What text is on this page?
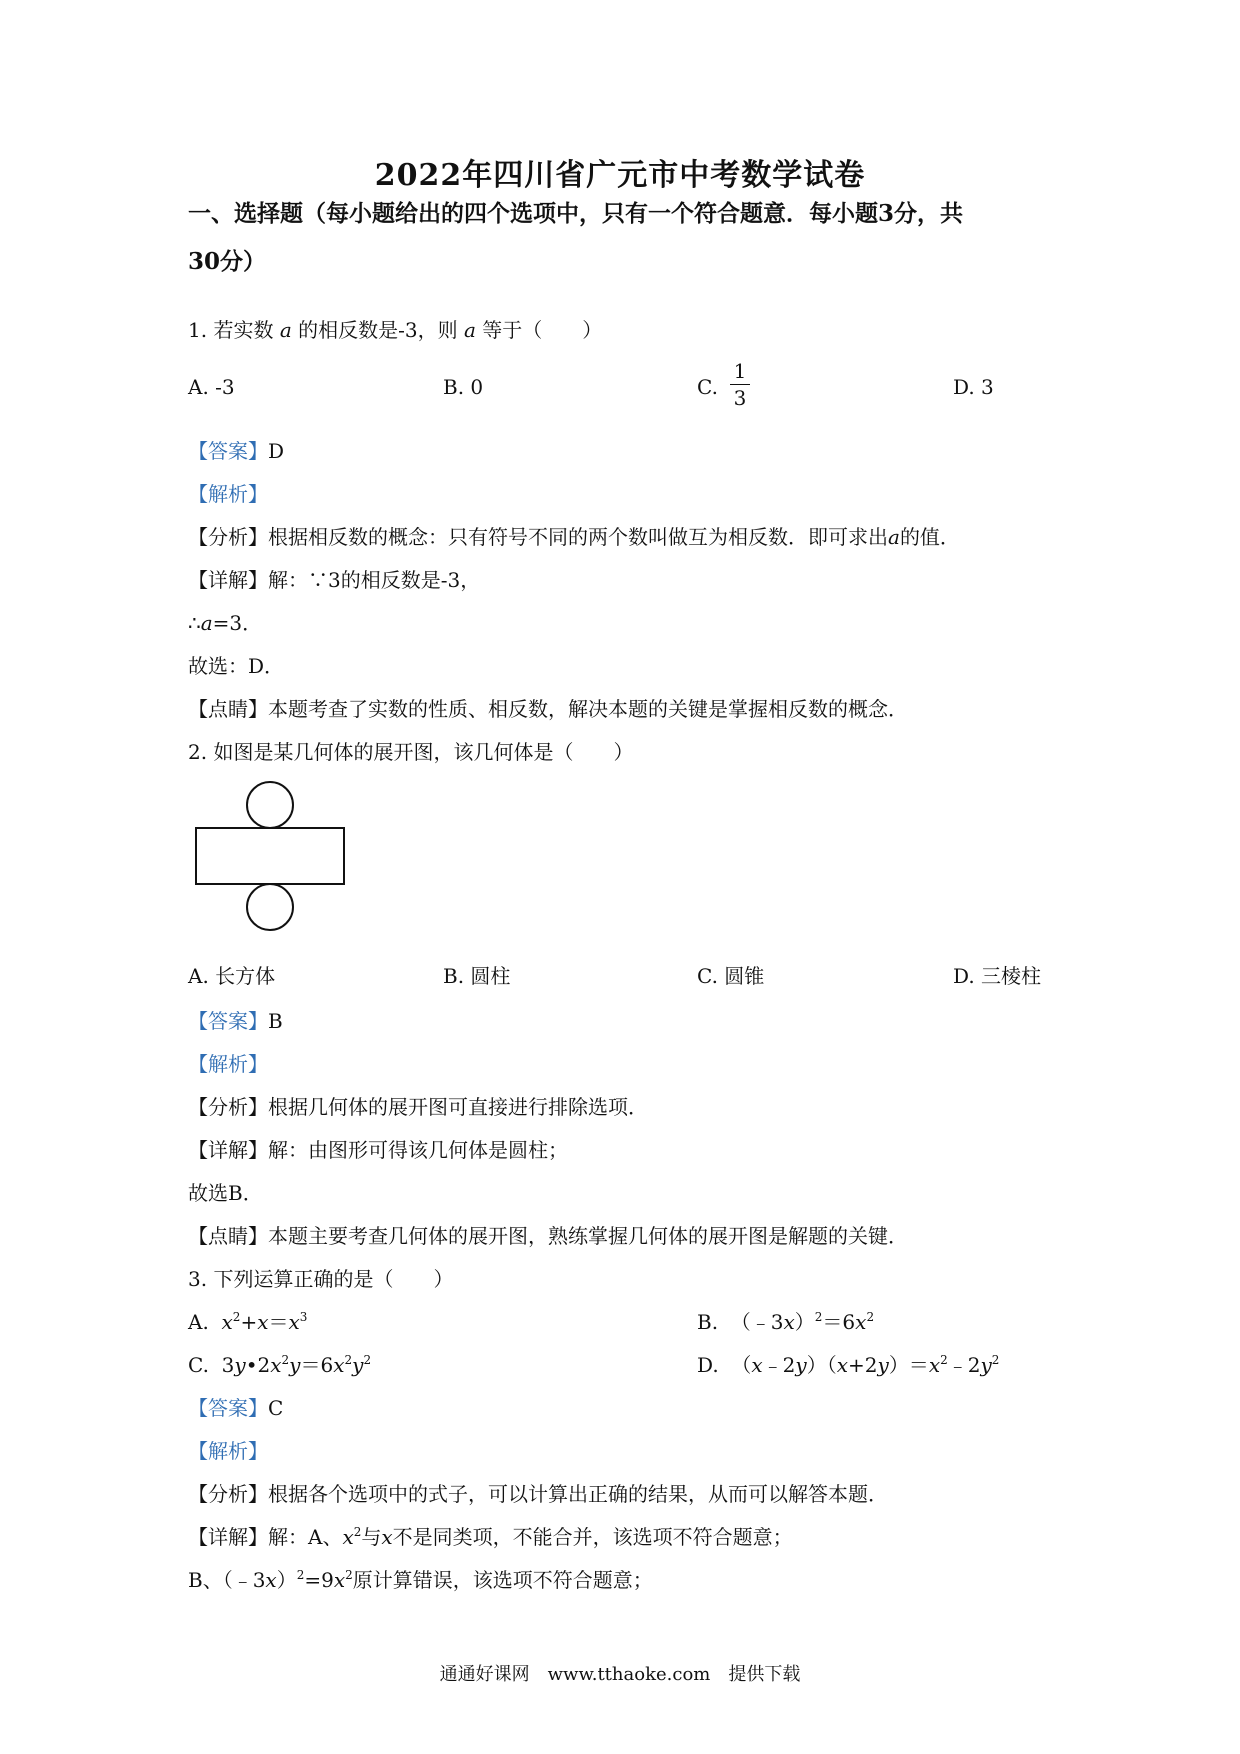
2022年四川省广元市中考数学试卷
一、选择题（每小题给出的四个选项中，只有一个符合题意．每小题3分，共
30分）
1. 若实数 a 的相反数是-3，则 a 等于（　　）
A. -3	B. 0	C. $\frac{1}{3}$	D. 3
【答案】D
【解析】
【分析】根据相反数的概念：只有符号不同的两个数叫做互为相反数．即可求出a的值．
【详解】解：∵3的相反数是-3，
∴a=3．
故选：D．
【点睛】本题考查了实数的性质、相反数，解决本题的关键是掌握相反数的概念．
2. 如图是某几何体的展开图，该几何体是（　　）
A. 长方体	B. 圆柱	C. 圆锥	D. 三棱柱
【答案】B
【解析】
【分析】根据几何体的展开图可直接进行排除选项．
【详解】解：由图形可得该几何体是圆柱；
故选B．
【点睛】本题主要考查几何体的展开图，熟练掌握几何体的展开图是解题的关键．
3. 下列运算正确的是（　　）
A.  $x^2+x=x^3$	B.  $(﹣3x)^2=6x^2$
C.  $3y•2x^2y=6x^2y^2$	D.  $(x﹣2y)(x+2y)=x^2﹣2y^2$
【答案】C
【解析】
【分析】根据各个选项中的式子，可以计算出正确的结果，从而可以解答本题．
【详解】解：A、$x^2$与x不是同类项，不能合并，该选项不符合题意；
B、$(﹣3x)^2=9x^2$原计算错误，该选项不符合题意；
通通好课网　www.tthaoke.com　提供下载
